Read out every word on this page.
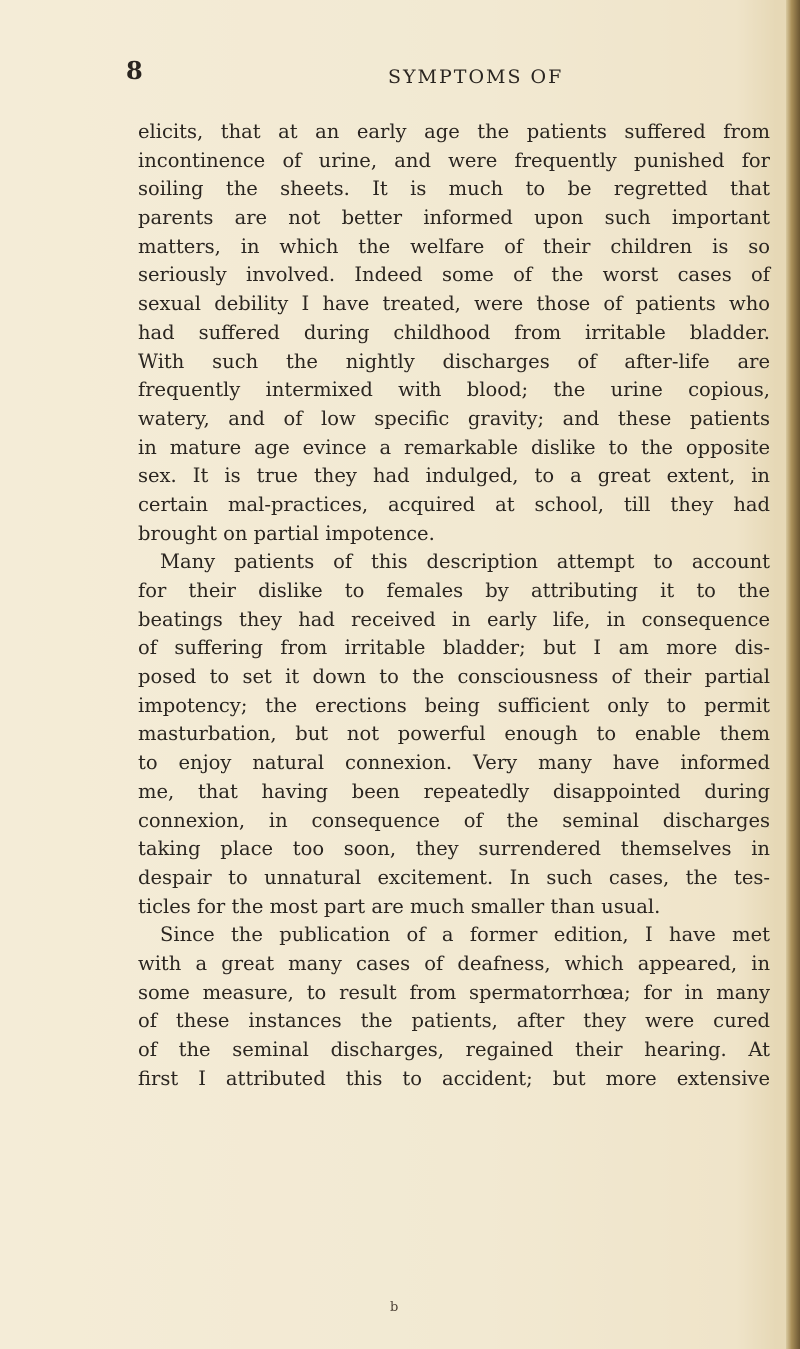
8	SYMPTOMS OF
elicits, that at an early age the patients suffered from
incontinence of urine, and were frequently punished for
soiling the sheets. It is much to be regretted that
parents are not better informed upon such important
matters, in which the welfare of their children is so
seriously involved. Indeed some of the worst cases of
sexual debility I have treated, were those of patients who
had suffered during childhood from irritable bladder.
With such the nightly discharges of after-life are
frequently intermixed with blood; the urine copious,
watery, and of low specific gravity; and these patients
in mature age evince a remarkable dislike to the opposite
sex. It is true they had indulged, to a great extent, in
certain mal-practices, acquired at school, till they had
brought on partial impotence.
Many patients of this description attempt to account
for their dislike to females by attributing it to the
beatings they had received in early life, in consequence
of suffering from irritable bladder; but I am more dis-
posed to set it down to the consciousness of their partial
impotency; the erections being sufficient only to permit
masturbation, but not powerful enough to enable them
to enjoy natural connexion. Very many have informed
me, that having been repeatedly disappointed during
connexion, in consequence of the seminal discharges
taking place too soon, they surrendered themselves in
despair to unnatural excitement. In such cases, the tes-
ticles for the most part are much smaller than usual.
Since the publication of a former edition, I have met
with a great many cases of deafness, which appeared, in
some measure, to result from spermatorrhœa; for in many
of these instances the patients, after they were cured
of the seminal discharges, regained their hearing. At
first I attributed this to accident; but more extensive
b
